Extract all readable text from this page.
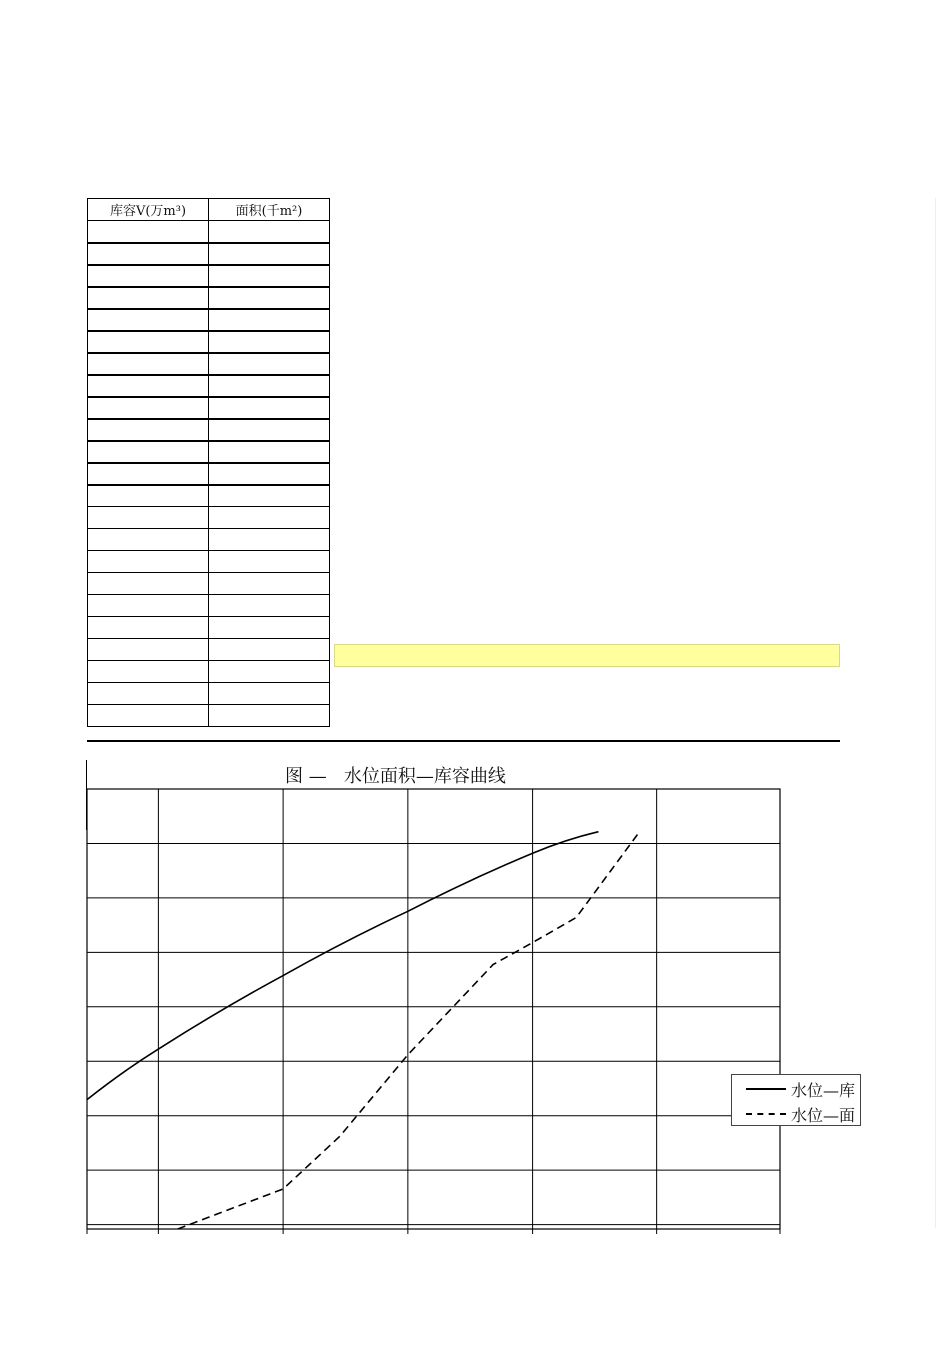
库容V(万m³)	面积(千m²)

图 —   水位面积—库容曲线
水位—库
水位—面
